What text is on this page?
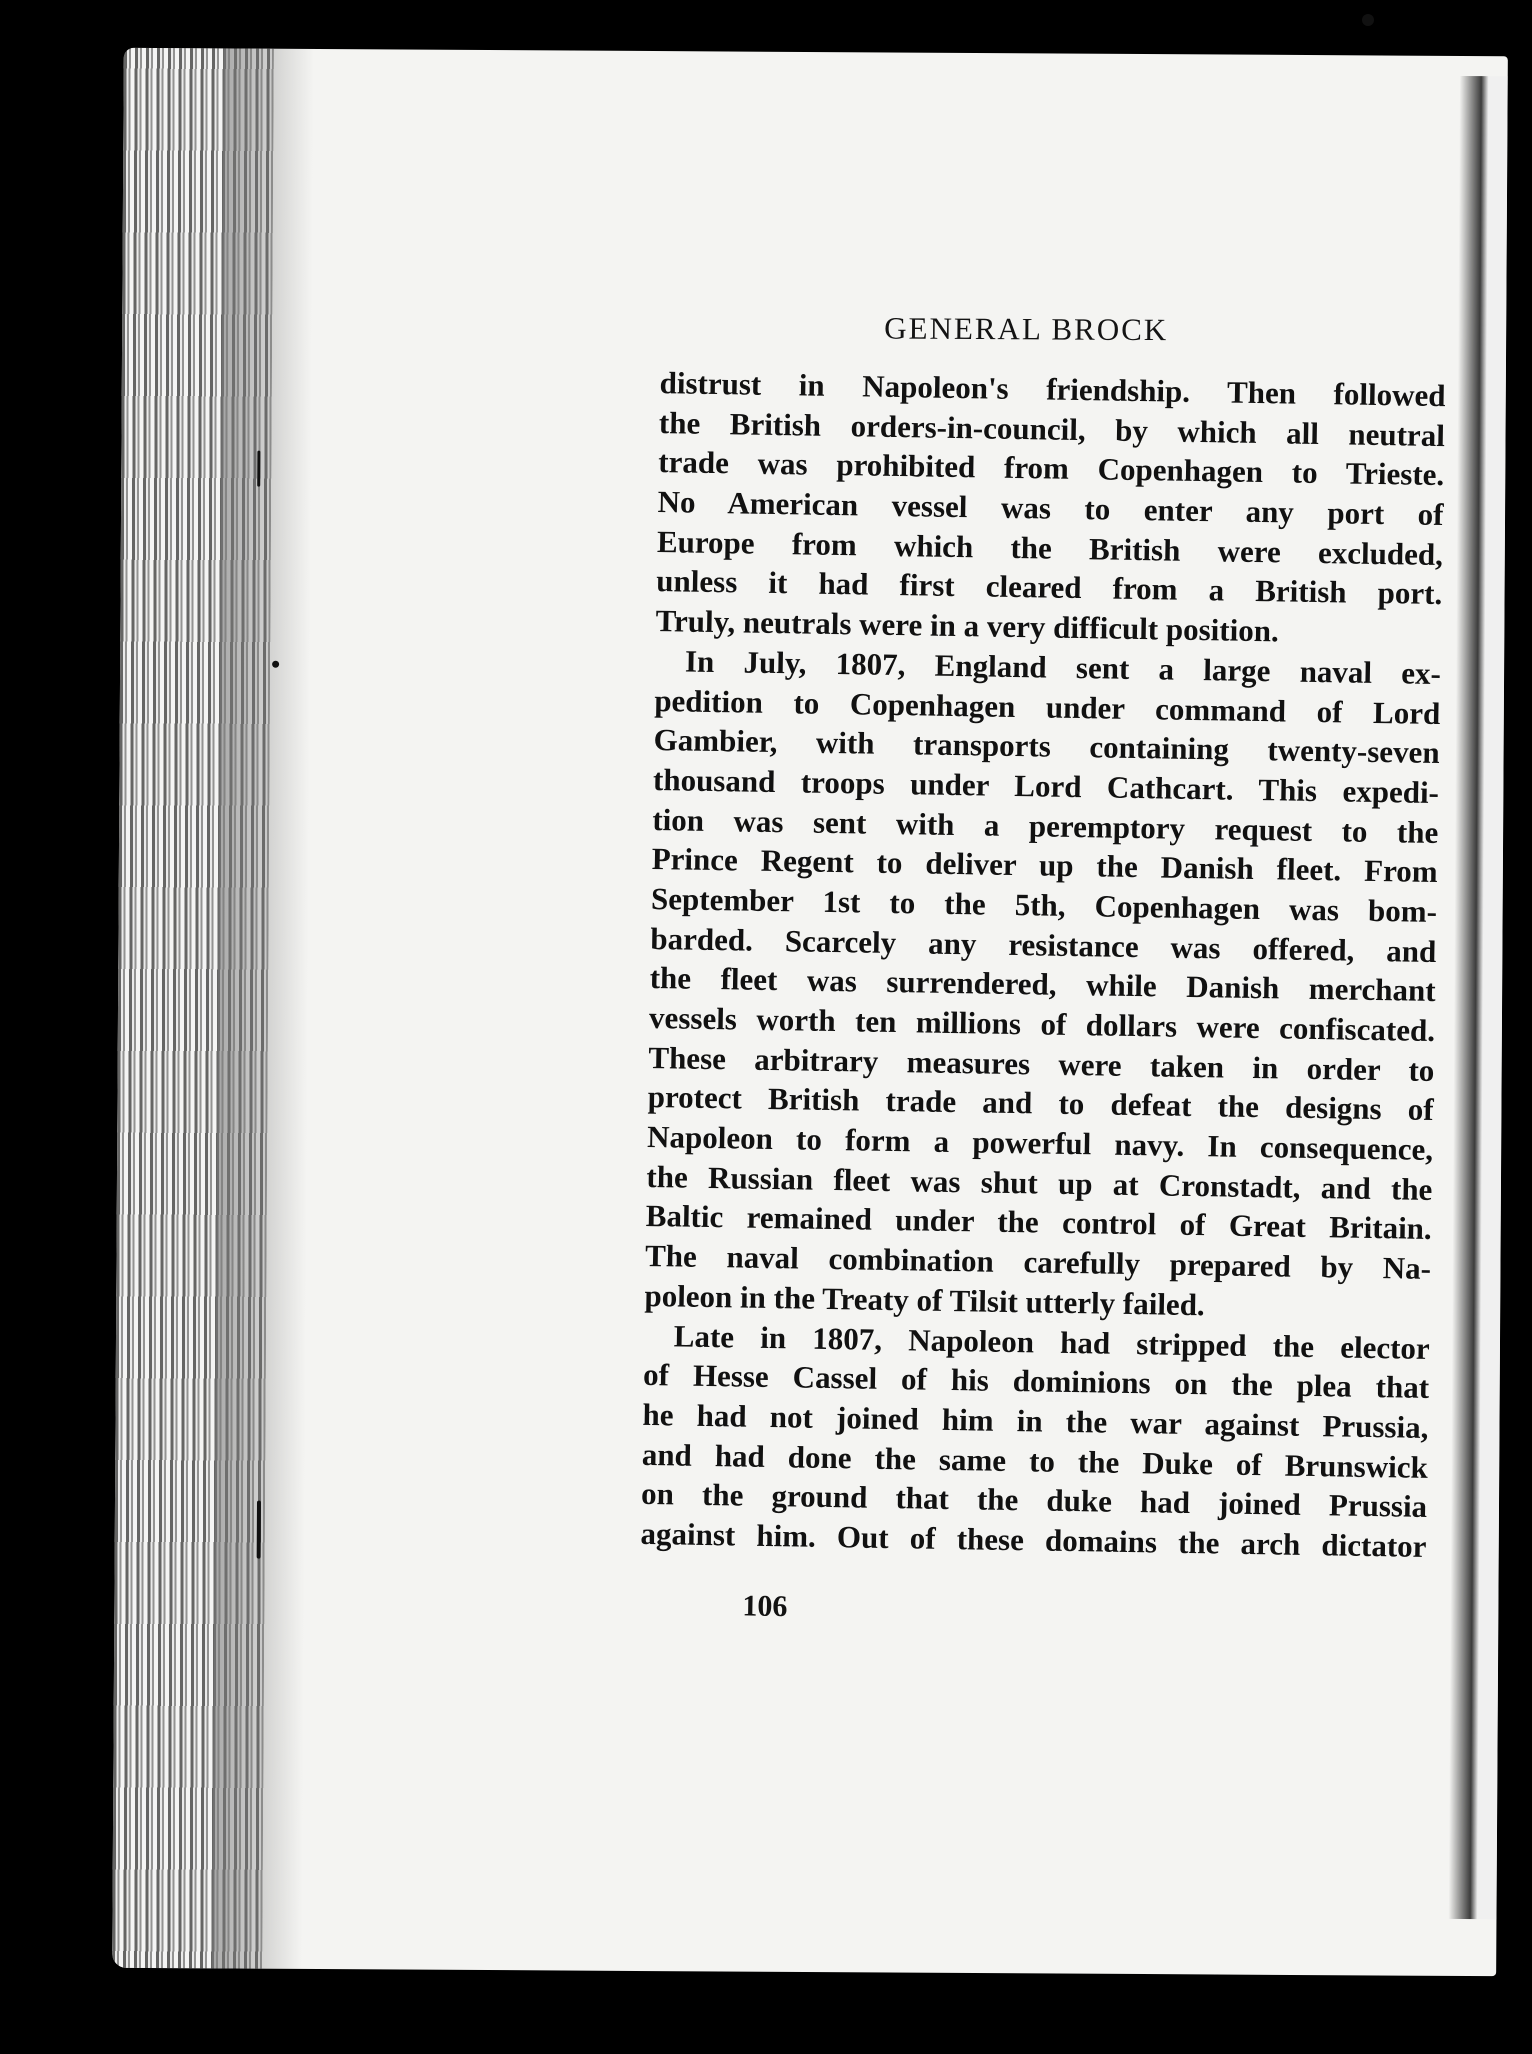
GENERAL BROCK
distrust in Napoleon's friendship. Then followed
the British orders-in-council, by which all neutral
trade was prohibited from Copenhagen to Trieste.
No American vessel was to enter any port of
Europe from which the British were excluded,
unless it had first cleared from a British port.
Truly, neutrals were in a very difficult position.
In July, 1807, England sent a large naval ex-
pedition to Copenhagen under command of Lord
Gambier, with transports containing twenty-seven
thousand troops under Lord Cathcart. This expedi-
tion was sent with a peremptory request to the
Prince Regent to deliver up the Danish fleet. From
September 1st to the 5th, Copenhagen was bom-
barded. Scarcely any resistance was offered, and
the fleet was surrendered, while Danish merchant
vessels worth ten millions of dollars were confiscated.
These arbitrary measures were taken in order to
protect British trade and to defeat the designs of
Napoleon to form a powerful navy. In consequence,
the Russian fleet was shut up at Cronstadt, and the
Baltic remained under the control of Great Britain.
The naval combination carefully prepared by Na-
poleon in the Treaty of Tilsit utterly failed.
Late in 1807, Napoleon had stripped the elector
of Hesse Cassel of his dominions on the plea that
he had not joined him in the war against Prussia,
and had done the same to the Duke of Brunswick
on the ground that the duke had joined Prussia
against him. Out of these domains the arch dictator
106
